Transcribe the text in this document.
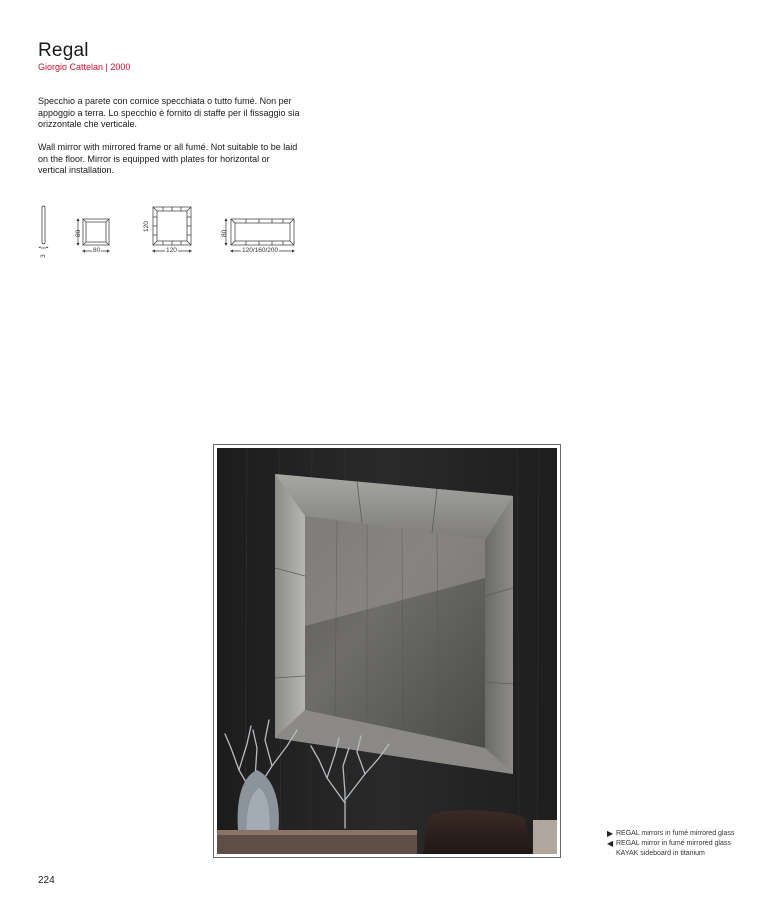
Regal
Giorgio Cattelan | 2000

Specchio a parete con cornice specchiata o tutto fumé. Non per appoggio a terra. Lo specchio è fornito di staffe per il fissaggio sia orizzontale che verticale.

Wall mirror with mirrored frame or all fumé. Not suitable to be laid on the floor. Mirror is equipped with plates for horizontal or vertical installation.

3
80
80
120
120
80
120/160/200
▶ REGAL mirrors in fumé mirrored glass
◀ REGAL mirror in fumé mirrored glass
· KAYAK sideboard in titanium
224
